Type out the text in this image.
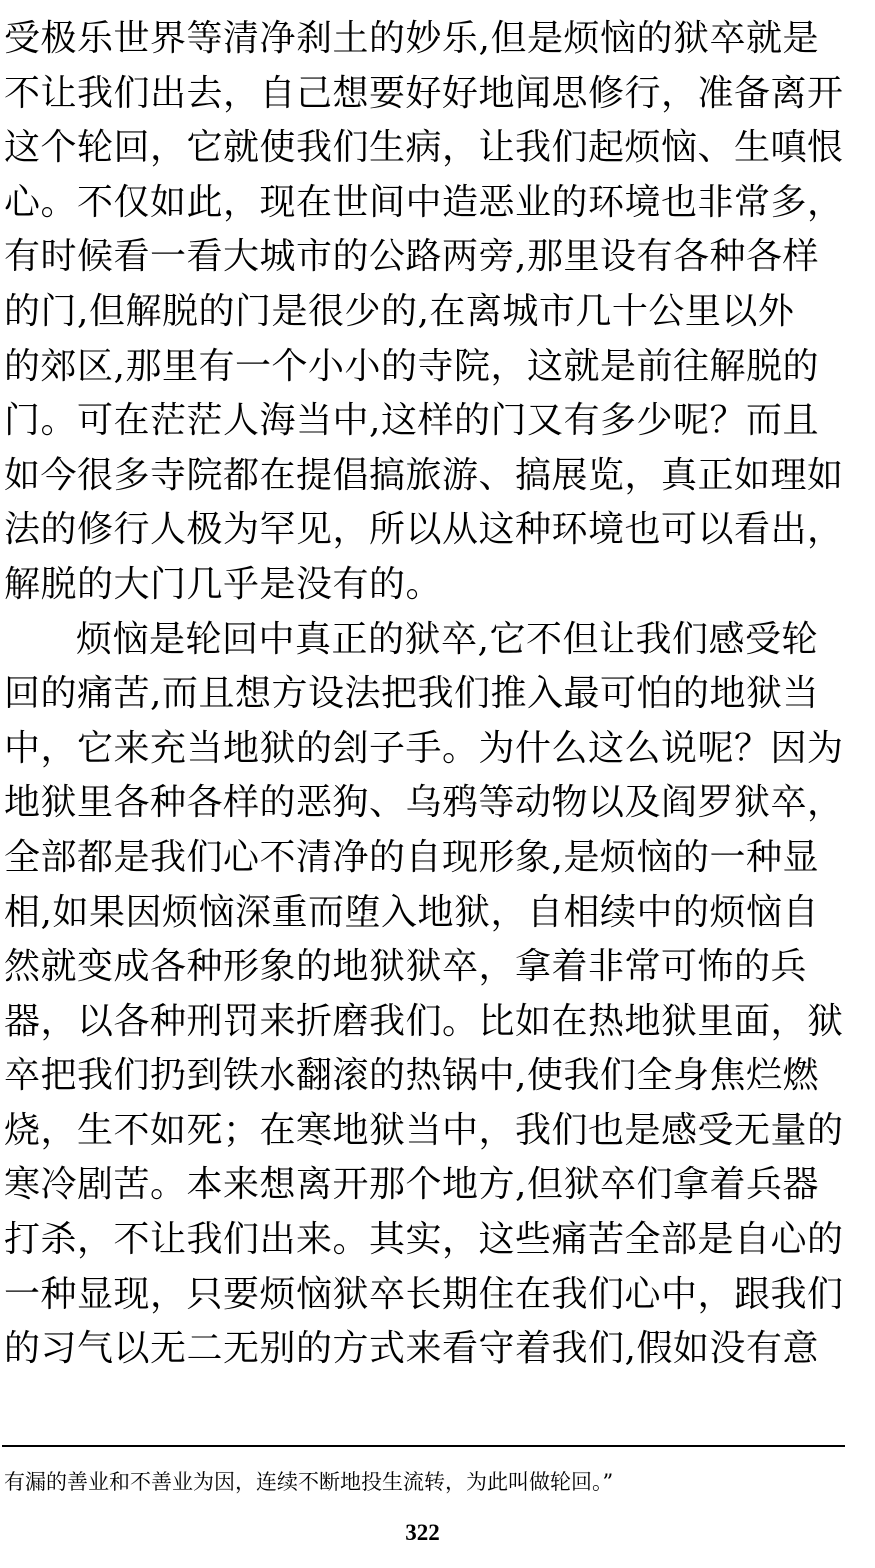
受极乐世界等清净刹土的妙乐,但是烦恼的狱卒就是
不让我们出去，自己想要好好地闻思修行，准备离开
这个轮回，它就使我们生病，让我们起烦恼、生嗔恨
心。不仅如此，现在世间中造恶业的环境也非常多，
有时候看一看大城市的公路两旁,那里设有各种各样
的门,但解脱的门是很少的,在离城市几十公里以外
的郊区,那里有一个小小的寺院，这就是前往解脱的
门。可在茫茫人海当中,这样的门又有多少呢？而且
如今很多寺院都在提倡搞旅游、搞展览，真正如理如
法的修行人极为罕见，所以从这种环境也可以看出，
解脱的大门几乎是没有的。
烦恼是轮回中真正的狱卒,它不但让我们感受轮
回的痛苦,而且想方设法把我们推入最可怕的地狱当
中，它来充当地狱的刽子手。为什么这么说呢？因为
地狱里各种各样的恶狗、乌鸦等动物以及阎罗狱卒，
全部都是我们心不清净的自现形象,是烦恼的一种显
相,如果因烦恼深重而堕入地狱，自相续中的烦恼自
然就变成各种形象的地狱狱卒，拿着非常可怖的兵
器，以各种刑罚来折磨我们。比如在热地狱里面，狱
卒把我们扔到铁水翻滚的热锅中,使我们全身焦烂燃
烧，生不如死；在寒地狱当中，我们也是感受无量的
寒冷剧苦。本来想离开那个地方,但狱卒们拿着兵器
打杀，不让我们出来。其实，这些痛苦全部是自心的
一种显现，只要烦恼狱卒长期住在我们心中，跟我们
的习气以无二无别的方式来看守着我们,假如没有意
有漏的善业和不善业为因，连续不断地投生流转，为此叫做轮回。”
322
